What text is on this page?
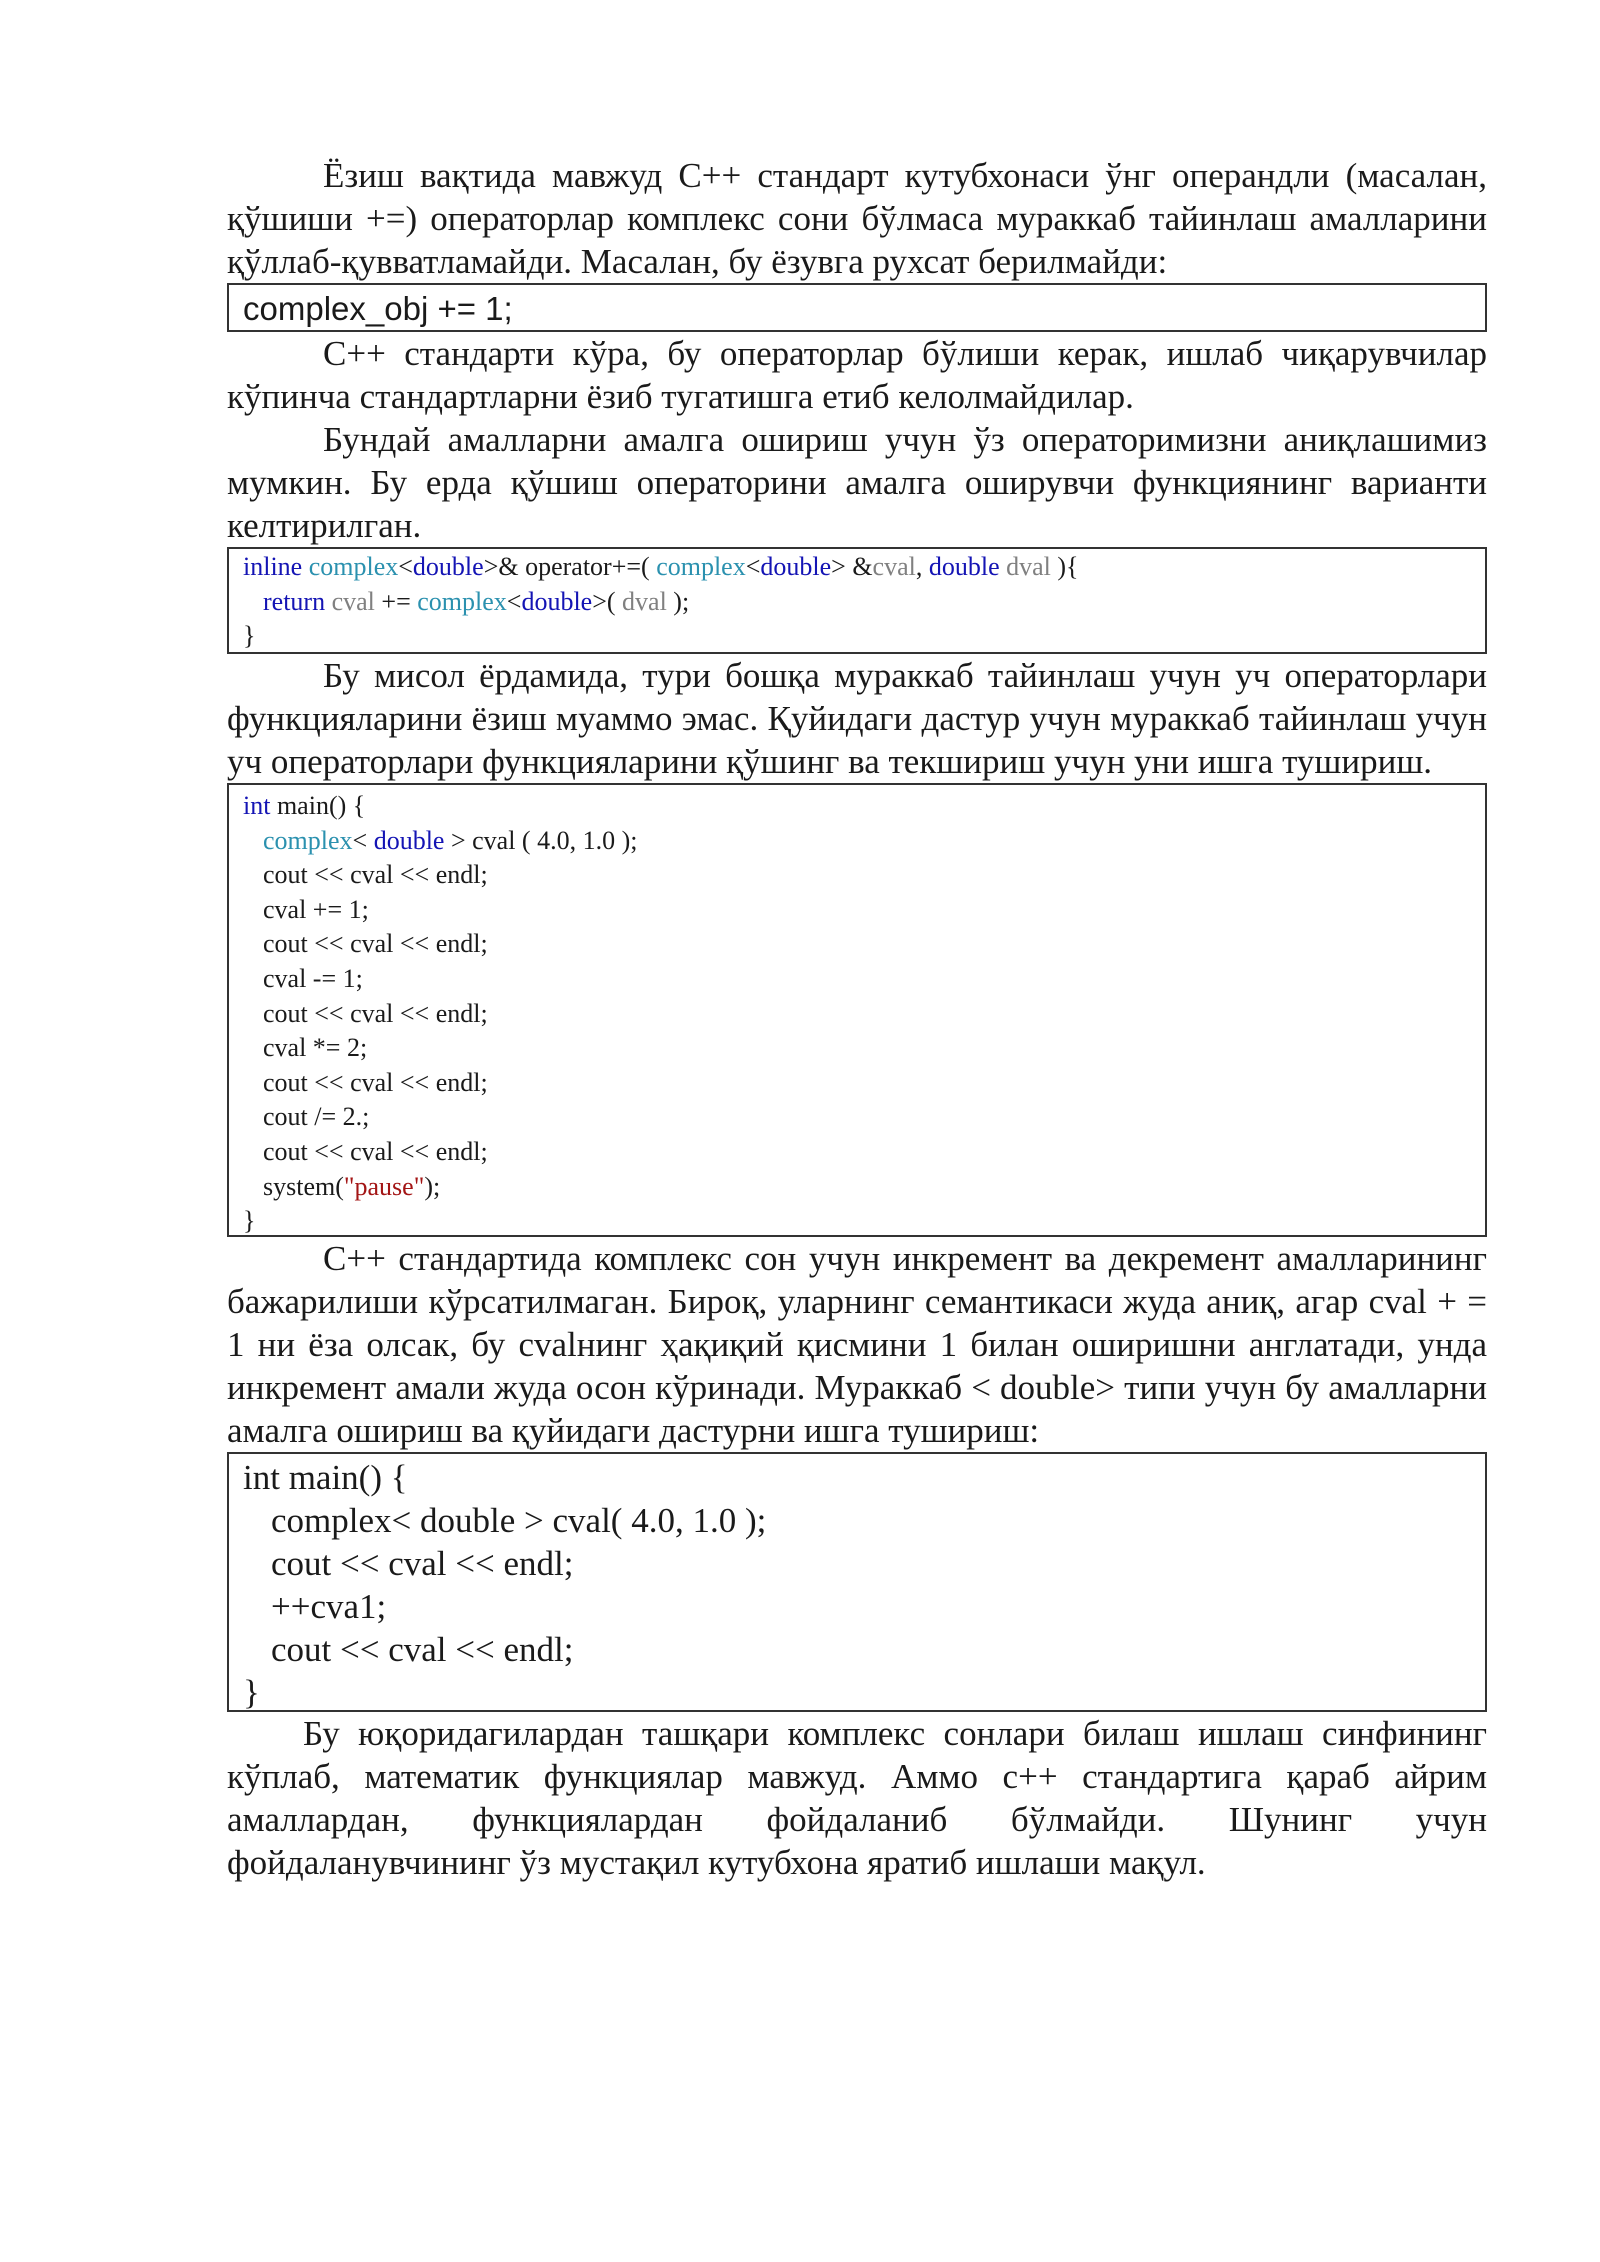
Ёзиш вақтида мавжуд C++ стандарт кутубхонаси ўнг операндли (масалан, қўшиши +=) операторлар комплекс сони бўлмаса мураккаб тайинлаш амалларини қўллаб-қувватламайди. Масалан, бу ёзувга рухсат берилмайди:

complex_obj += 1;

C++ стандарти кўра, бу операторлар бўлиши керак, ишлаб чиқарувчилар кўпинча стандартларни ёзиб тугатишга етиб келолмайдилар.

Бундай амалларни амалга ошириш учун ўз операторимизни аниқлашимиз мумкин. Бу ерда қўшиш операторини амалга оширувчи функциянинг варианти келтирилган.

inline complex<double>& operator+=( complex<double> &cval, double dval ){
return cval += complex<double>( dval );
}

Бу мисол ёрдамида, тури бошқа мураккаб тайинлаш учун уч операторлари функцияларини ёзиш муаммо эмас. Қуйидаги дастур учун мураккаб тайинлаш учун уч операторлари функцияларини қўшинг ва текшириш учун уни ишга тушириш.

int main() {
complex< double > cval ( 4.0, 1.0 );
cout << cval << endl;
cval += 1;
cout << cval << endl;
cval -= 1;
cout << cval << endl;
cval *= 2;
cout << cval << endl;
cout /= 2.;
cout << cval << endl;
system("pause");
}

C++ стандартида комплекс сон учун инкремент ва декремент амалларининг бажарилиши кўрсатилмаган. Бироқ, уларнинг семантикаси жуда аниқ, агар cval + = 1 ни ёза олсак, бу cvalнинг ҳақиқий қисмини 1 билан оширишни англатади, унда инкремент амали жуда осон кўринади. Мураккаб < double> типи учун бу амалларни амалга ошириш ва қуйидаги дастурни ишга тушириш:

int main() {
complex< double > cval( 4.0, 1.0 );
cout << cval << endl;
++cva1;
cout << cval << endl;
}

Бу юқоридагилардан ташқари комплекс сонлари билаш ишлаш синфининг кўплаб, математик функциялар мавжуд. Аммо c++ стандартига қараб айрим амаллардан, функциялардан фойдаланиб бўлмайди. Шунинг учун фойдаланувчининг ўз мустақил кутубхона яратиб ишлаши мақул.
